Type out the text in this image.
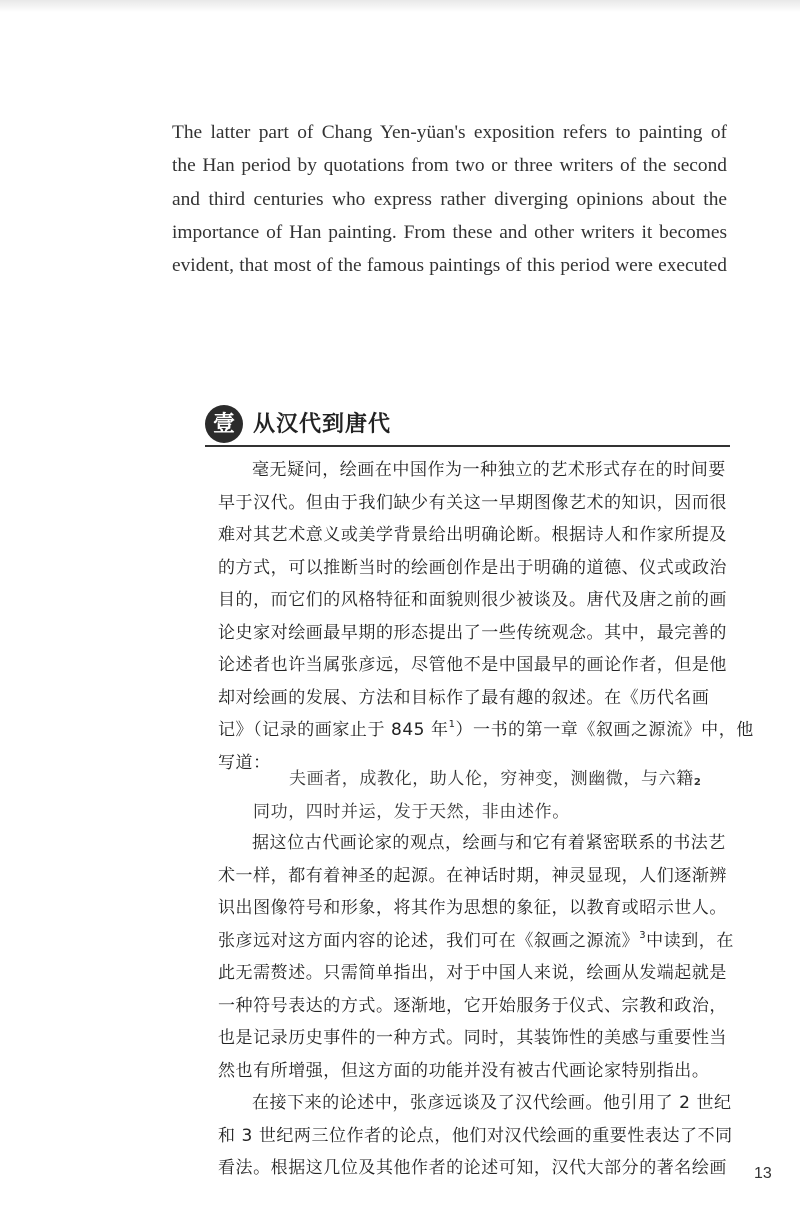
The latter part of Chang Yen-yüan's exposition refers to painting of
the Han period by quotations from two or three writers of the second
and third centuries who express rather diverging opinions about the
importance of Han painting. From these and other writers it becomes
evident, that most of the famous paintings of this period were executed
壹 从汉代到唐代
毫无疑问，绘画在中国作为一种独立的艺术形式存在的时间要
早于汉代。但由于我们缺少有关这一早期图像艺术的知识，因而很
难对其艺术意义或美学背景给出明确论断。根据诗人和作家所提及
的方式，可以推断当时的绘画创作是出于明确的道德、仪式或政治
目的，而它们的风格特征和面貌则很少被谈及。唐代及唐之前的画
论史家对绘画最早期的形态提出了一些传统观念。其中，最完善的
论述者也许当属张彦远，尽管他不是中国最早的画论作者，但是他
却对绘画的发展、方法和目标作了最有趣的叙述。在《历代名画
记》（记录的画家止于 845 年$^1$）一书的第一章《叙画之源流》中，他
写道：
夫画者，成教化，助人伦，穷神变，测幽微，与六籍$^2$
同功，四时并运，发于天然，非由述作。
据这位古代画论家的观点，绘画与和它有着紧密联系的书法艺
术一样，都有着神圣的起源。在神话时期，神灵显现，人们逐渐辨
识出图像符号和形象，将其作为思想的象征，以教育或昭示世人。
张彦远对这方面内容的论述，我们可在《叙画之源流》$^3$中读到，在
此无需赘述。只需简单指出，对于中国人来说，绘画从发端起就是
一种符号表达的方式。逐渐地，它开始服务于仪式、宗教和政治，
也是记录历史事件的一种方式。同时，其装饰性的美感与重要性当
然也有所增强，但这方面的功能并没有被古代画论家特别指出。
在接下来的论述中，张彦远谈及了汉代绘画。他引用了 2 世纪
和 3 世纪两三位作者的论点，他们对汉代绘画的重要性表达了不同
看法。根据这几位及其他作者的论述可知，汉代大部分的著名绘画 13
